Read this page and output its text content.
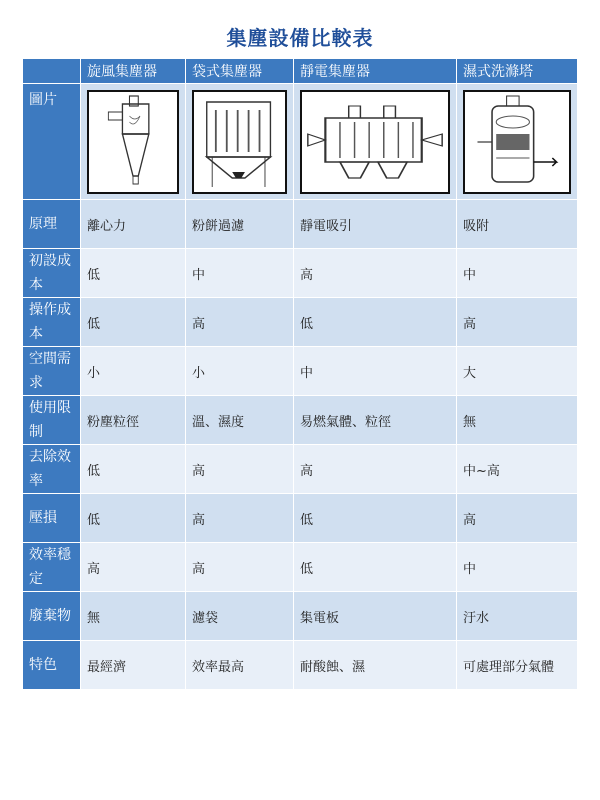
集塵設備比較表
	旋風集塵器	袋式集塵器	靜電集塵器	濕式洗滌塔
圖片	

原理	離心力	粉餅過濾	靜電吸引	吸附
初設成本	低	中	高	中
操作成本	低	高	低	高
空間需求	小	小	中	大
使用限制	粉塵粒徑	溫、濕度	易燃氣體、粒徑	無
去除效率	低	高	高	中~高
壓損	低	高	低	高
效率穩定	高	高	低	中
廢棄物	無	濾袋	集電板	汙水
特色	最經濟	效率最高	耐酸蝕、濕	可處理部分氣體
